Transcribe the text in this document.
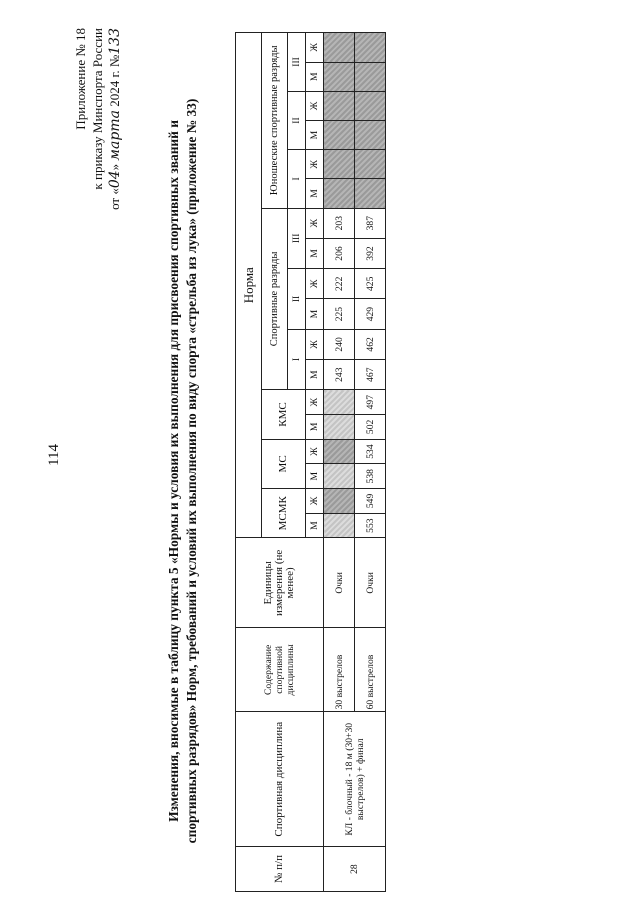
114
Приложение № 18 к приказу Минспорта России
от «04» марта 2024 г. №133
Изменения, вносимые в таблицу пункта 5 «Нормы и условия их выполнения для присвоения спортивных званий и спортивных разрядов» Норм, требований и условий их выполнения по виду спорта «стрельба из лука» (приложение № 33)
№ п/п	Спортивная дисциплина	Содержание спортивной дисциплины	Единицы измерения (не менее)	Норма																	
				МСМК		МС		КМС		Спортивные разряды						Юношеские спортивные разряды					
										I		II		III		I		II		III	
				М	Ж	М	Ж	М	Ж	М	Ж	М	Ж	М	Ж	М	Ж	М	Ж	М	Ж
28	КЛ - блочный - 18 м (30+30 выстрелов) + финал	30 выстрелов	Очки							243	240	225	222	206	203						
		60 выстрелов	Очки	553	549	538	534	502	497	467	462	429	425	392	387						
